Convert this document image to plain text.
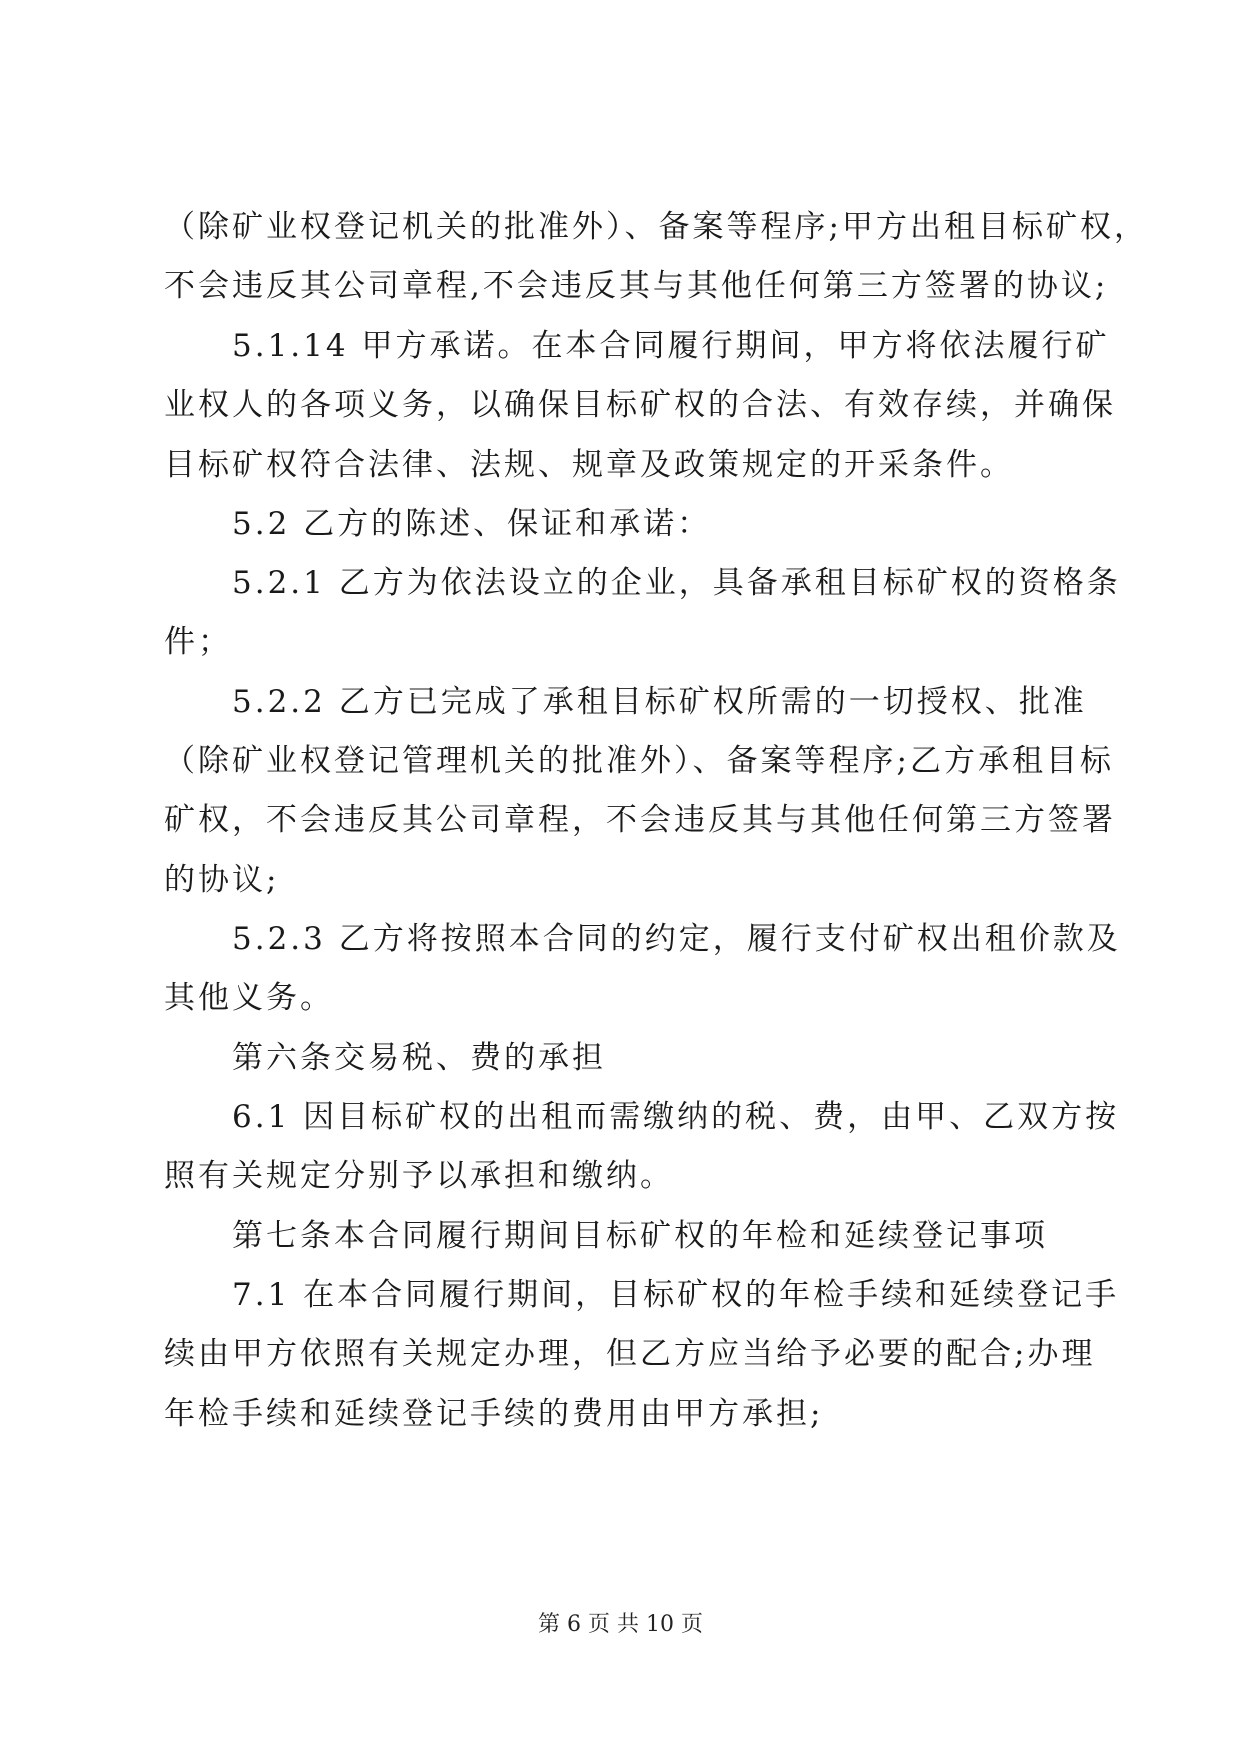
（除矿业权登记机关的批准外）、备案等程序;甲方出租目标矿权，
不会违反其公司章程,不会违反其与其他任何第三方签署的协议;
5.1.14 甲方承诺。在本合同履行期间，甲方将依法履行矿
业权人的各项义务，以确保目标矿权的合法、有效存续，并确保
目标矿权符合法律、法规、规章及政策规定的开采条件。
5.2 乙方的陈述、保证和承诺：
5.2.1 乙方为依法设立的企业，具备承租目标矿权的资格条
件；
5.2.2 乙方已完成了承租目标矿权所需的一切授权、批准
（除矿业权登记管理机关的批准外）、备案等程序;乙方承租目标
矿权，不会违反其公司章程，不会违反其与其他任何第三方签署
的协议;
5.2.3 乙方将按照本合同的约定，履行支付矿权出租价款及
其他义务。
第六条交易税、费的承担
6.1 因目标矿权的出租而需缴纳的税、费，由甲、乙双方按
照有关规定分别予以承担和缴纳。
第七条本合同履行期间目标矿权的年检和延续登记事项
7.1 在本合同履行期间，目标矿权的年检手续和延续登记手
续由甲方依照有关规定办理，但乙方应当给予必要的配合;办理
年检手续和延续登记手续的费用由甲方承担;
第 6 页 共 10 页
